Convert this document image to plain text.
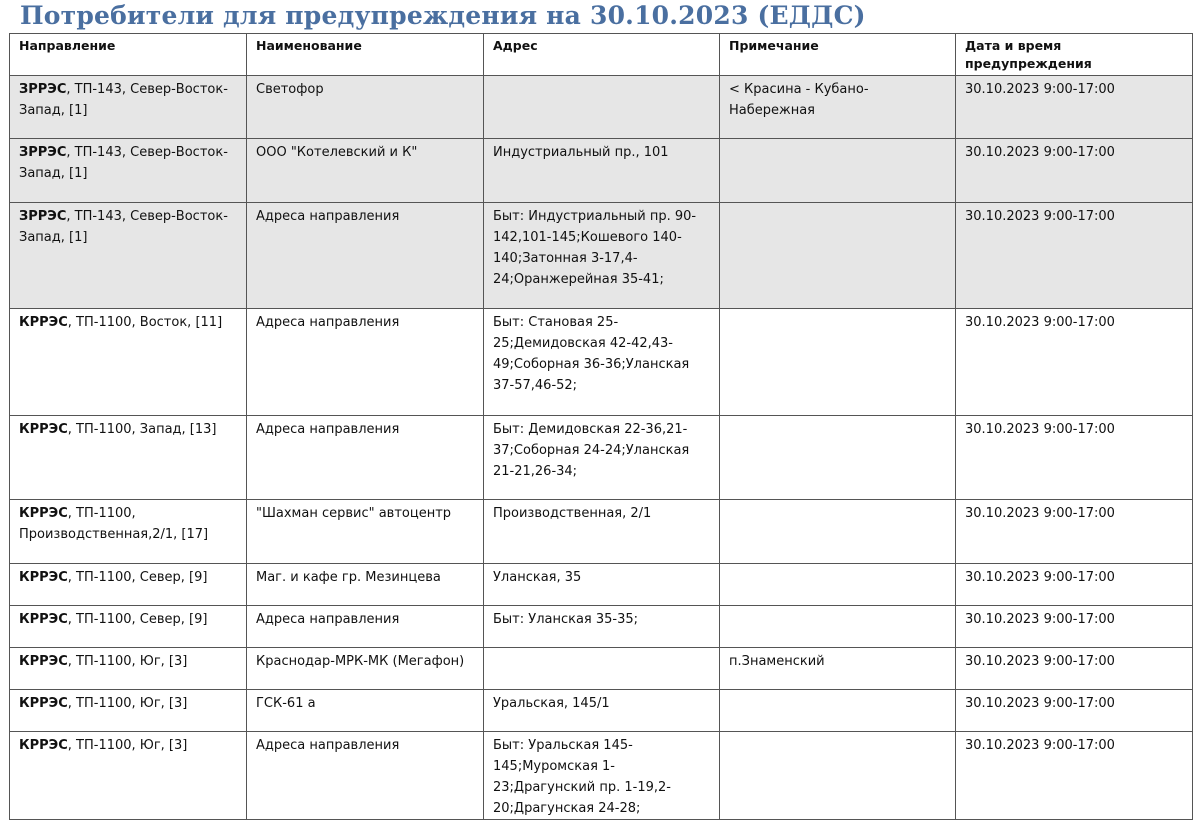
Потребители для предупреждения на 30.10.2023 (ЕДДС)
Направление	Наименование	Адрес	Примечание	Дата и время предупреждения
ЗРРЭС, ТП-143, Север-Восток-Запад, [1]	Светофор		< Красина - Кубано-Набережная	30.10.2023 9:00-17:00
ЗРРЭС, ТП-143, Север-Восток-Запад, [1]	ООО "Котелевский и К"	Индустриальный пр., 101		30.10.2023 9:00-17:00
ЗРРЭС, ТП-143, Север-Восток-Запад, [1]	Адреса направления	Быт: Индустриальный пр. 90-142,101-145;Кошевого 140-140;Затонная 3-17,4-24;Оранжерейная 35-41;		30.10.2023 9:00-17:00
КРРЭС, ТП-1100, Восток, [11]	Адреса направления	Быт: Становая 25-25;Демидовская 42-42,43-49;Соборная 36-36;Уланская 37-57,46-52;		30.10.2023 9:00-17:00
КРРЭС, ТП-1100, Запад, [13]	Адреса направления	Быт: Демидовская 22-36,21-37;Соборная 24-24;Уланская 21-21,26-34;		30.10.2023 9:00-17:00
КРРЭС, ТП-1100, Производственная,2/1, [17]	"Шахман сервис" автоцентр	Производственная, 2/1		30.10.2023 9:00-17:00
КРРЭС, ТП-1100, Север, [9]	Маг. и кафе гр. Мезинцева	Уланская, 35		30.10.2023 9:00-17:00
КРРЭС, ТП-1100, Север, [9]	Адреса направления	Быт: Уланская 35-35;		30.10.2023 9:00-17:00
КРРЭС, ТП-1100, Юг, [3]	Краснодар-МРК-МК (Мегафон)		п.Знаменский	30.10.2023 9:00-17:00
КРРЭС, ТП-1100, Юг, [3]	ГСК-61 а	Уральская, 145/1		30.10.2023 9:00-17:00
КРРЭС, ТП-1100, Юг, [3]	Адреса направления	Быт: Уральская 145-145;Муромская 1-23;Драгунский пр. 1-19,2-20;Драгунская 24-28;		30.10.2023 9:00-17:00
